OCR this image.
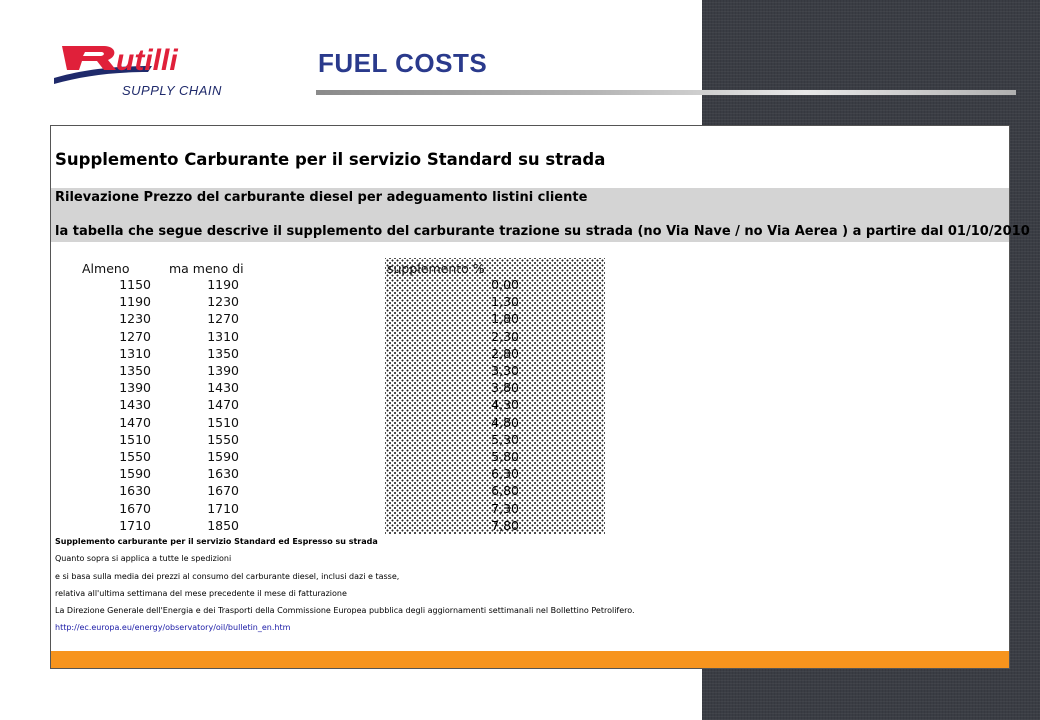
utilli
SUPPLY CHAIN
FUEL COSTS
Supplemento Carburante per il servizio Standard su strada
Rilevazione Prezzo del carburante diesel per adeguamento listini cliente
la tabella che segue descrive il supplemento del carburante trazione su strada (no Via Nave / no Via Aerea ) a partire dal 01/10/2010
Almeno	ma meno di	supplemento %
1150	1190	0,00
1190	1230	1,30
1230	1270	1,80
1270	1310	2,30
1310	1350	2,80
1350	1390	3,30
1390	1430	3,80
1430	1470	4,30
1470	1510	4,80
1510	1550	5,30
1550	1590	5,80
1590	1630	6,30
1630	1670	6,80
1670	1710	7,30
1710	1850	7,80
Supplemento carburante per il servizio Standard ed Espresso su strada
Quanto sopra si applica a tutte le spedizioni
e si basa sulla media dei prezzi al consumo del carburante diesel, inclusi dazi e tasse,
relativa all'ultima settimana del mese precedente il mese di fatturazione
La Direzione Generale dell'Energia e dei Trasporti della Commissione Europea pubblica degli aggiornamenti settimanali nel Bollettino Petrolifero.
http://ec.europa.eu/energy/observatory/oil/bulletin_en.htm
